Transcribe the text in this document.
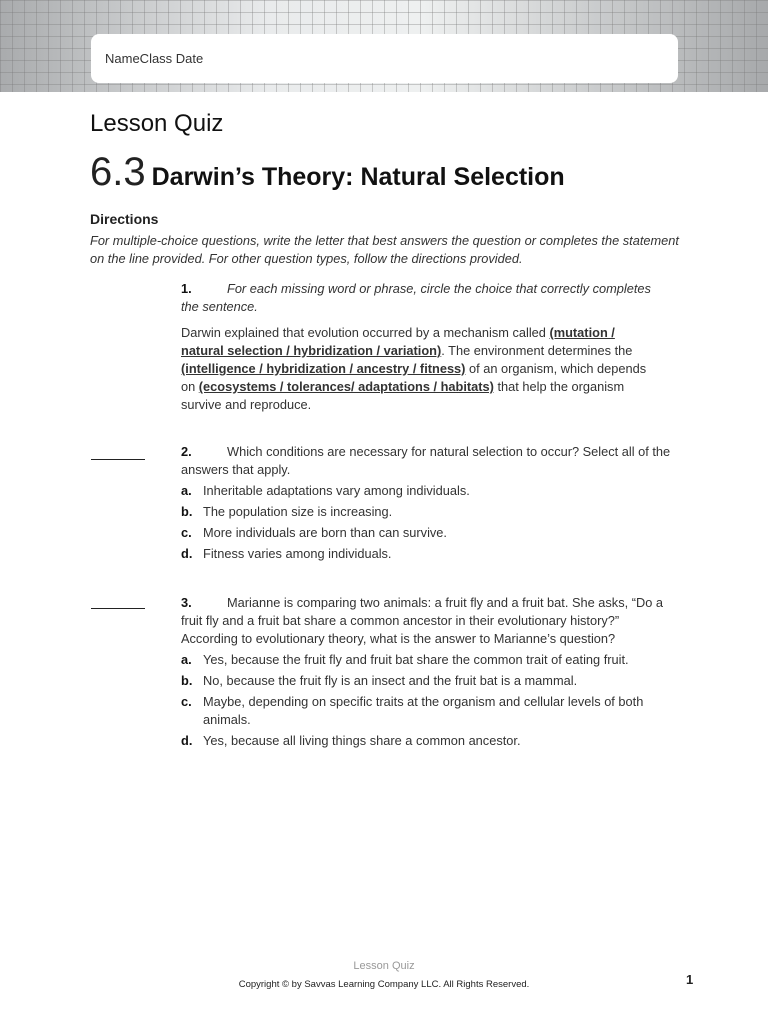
NameClass Date
Lesson Quiz
6.3 Darwin’s Theory: Natural Selection
Directions
For multiple-choice questions, write the letter that best answers the question or completes the statement on the line provided. For other question types, follow the directions provided.
1.	For each missing word or phrase, circle the choice that correctly completes the sentence.
Darwin explained that evolution occurred by a mechanism called (mutation / natural selection / hybridization / variation). The environment determines the (intelligence / hybridization / ancestry / fitness) of an organism, which depends on (ecosystems / tolerances/ adaptations / habitats) that help the organism survive and reproduce.
2.	Which conditions are necessary for natural selection to occur? Select all of the answers that apply.
a. Inheritable adaptations vary among individuals.
b. The population size is increasing.
c. More individuals are born than can survive.
d. Fitness varies among individuals.
3.	Marianne is comparing two animals: a fruit fly and a fruit bat. She asks, “Do a fruit fly and a fruit bat share a common ancestor in their evolutionary history?” According to evolutionary theory, what is the answer to Marianne’s question?
a. Yes, because the fruit fly and fruit bat share the common trait of eating fruit.
b. No, because the fruit fly is an insect and the fruit bat is a mammal.
c. Maybe, depending on specific traits at the organism and cellular levels of both animals.
d. Yes, because all living things share a common ancestor.
Lesson Quiz
Copyright © by Savvas Learning Company LLC. All Rights Reserved.	1
